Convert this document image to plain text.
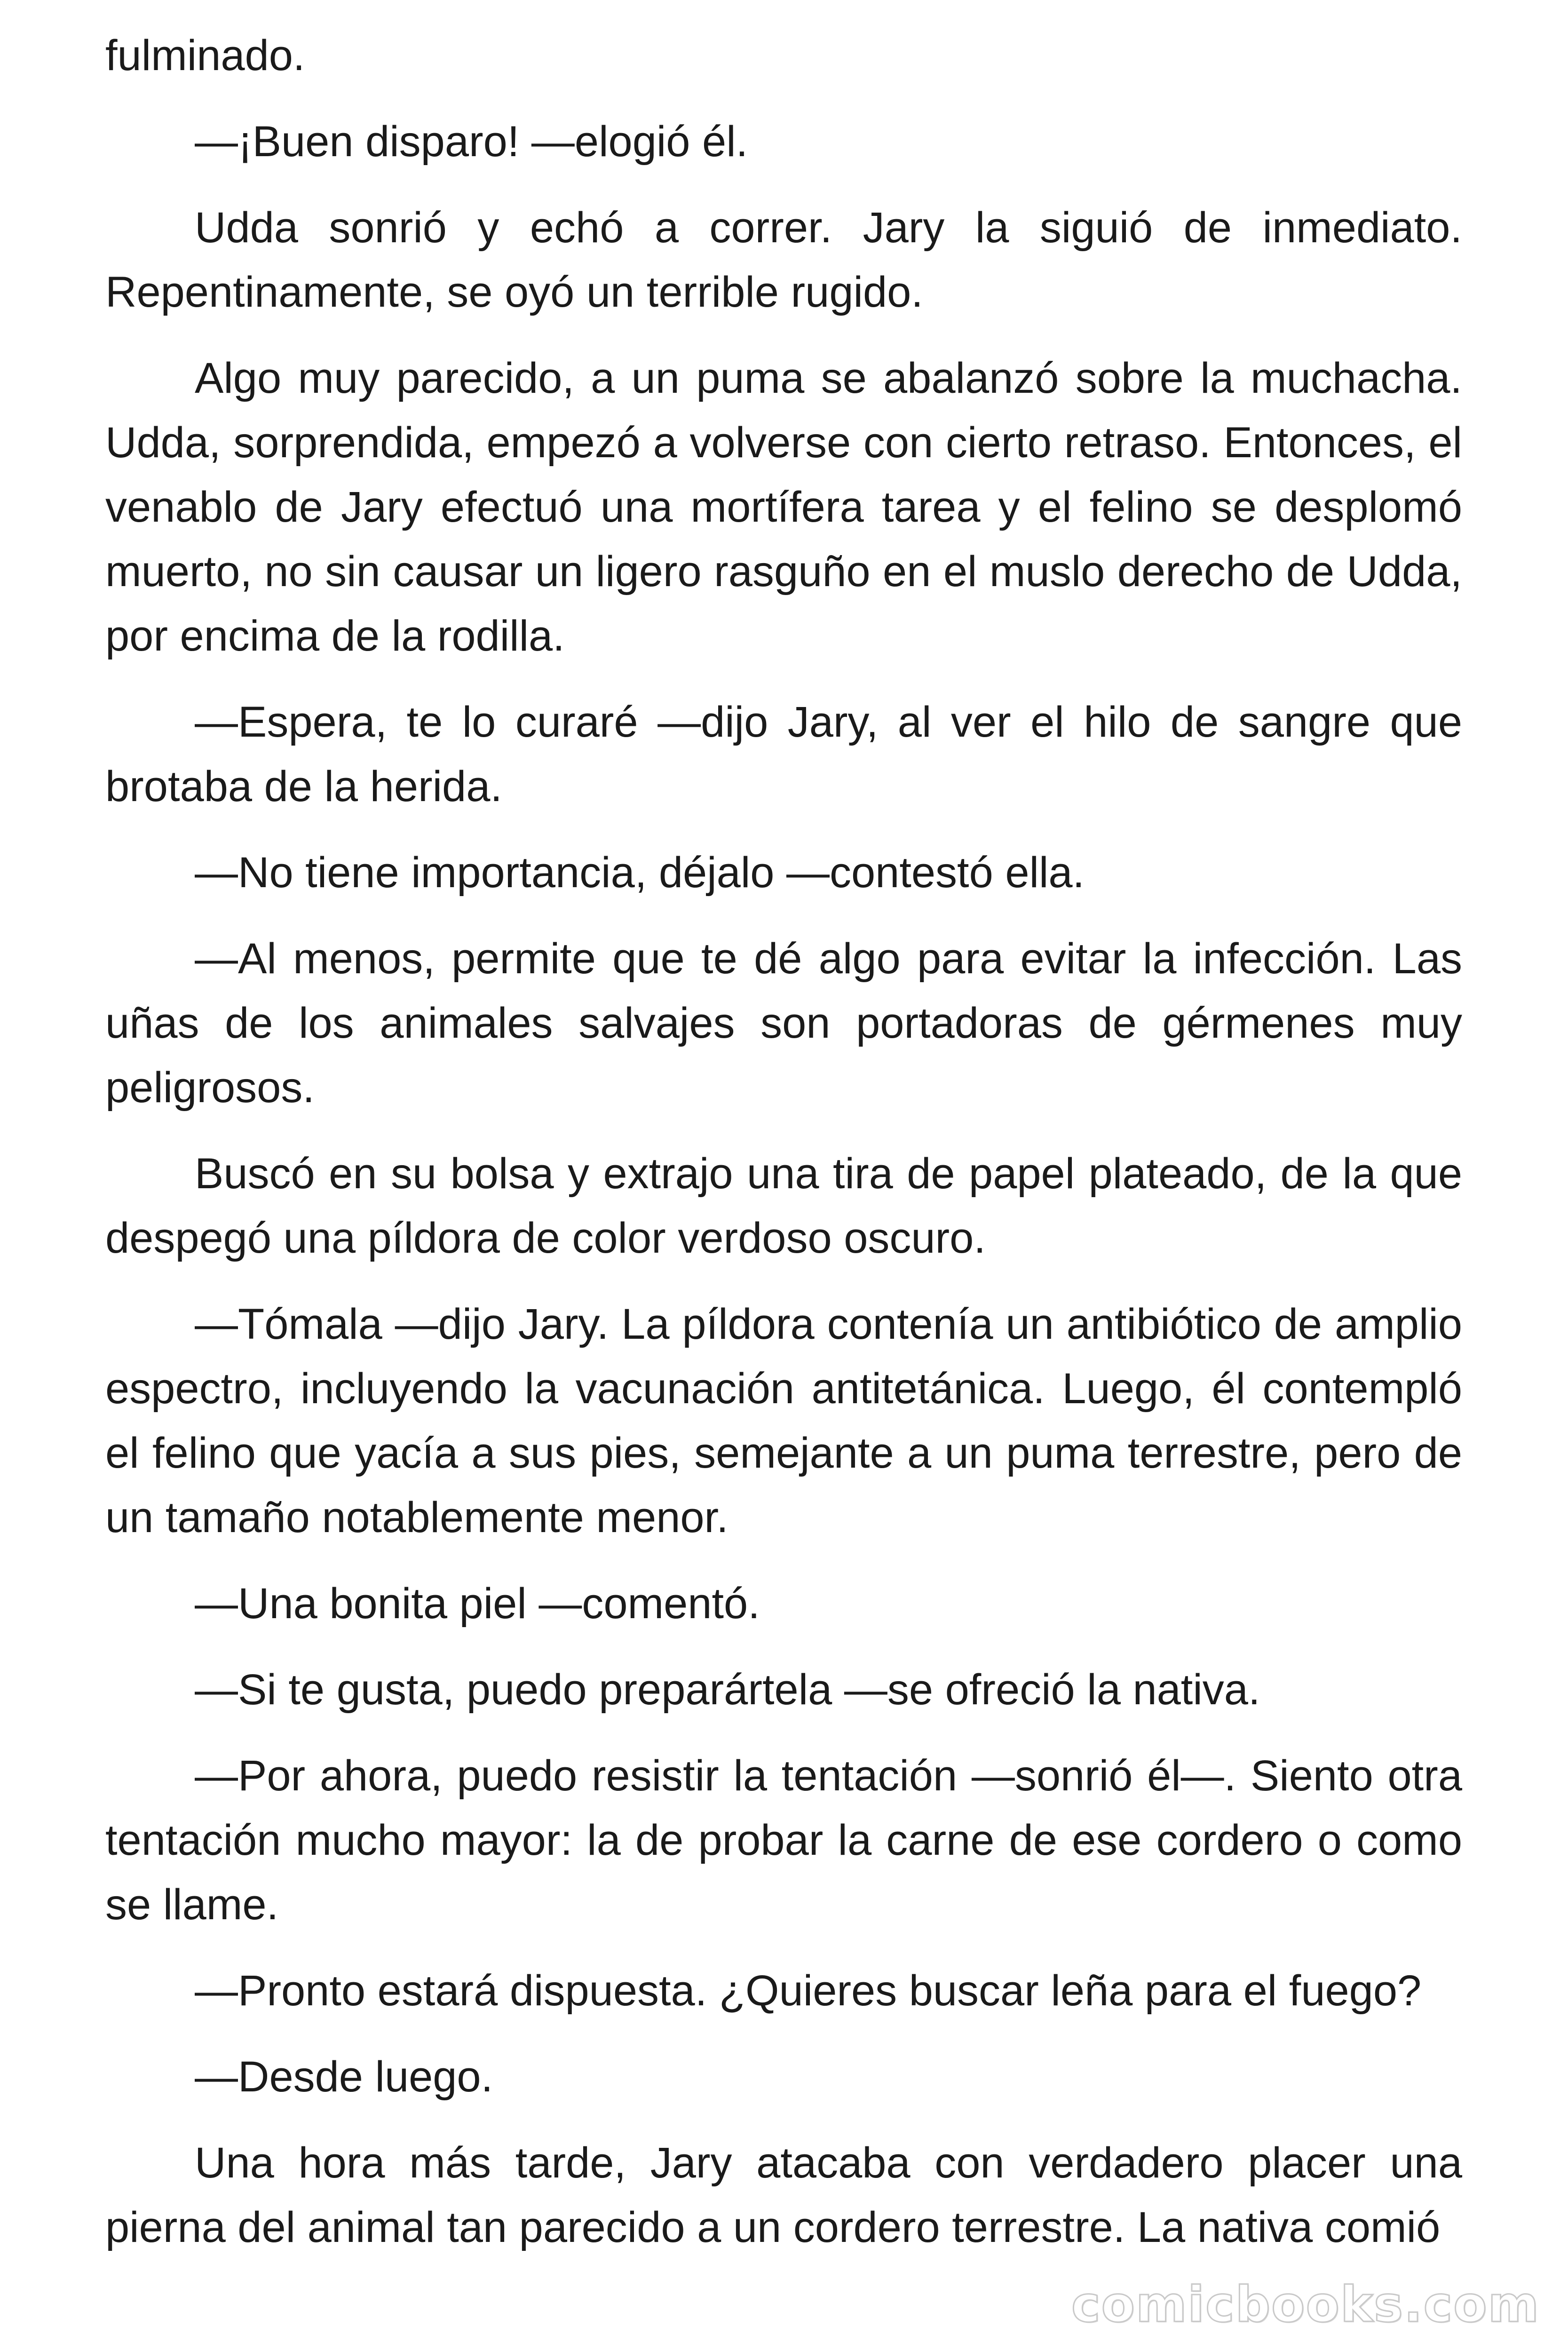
fulminado.

—¡Buen disparo! —elogió él.

Udda sonrió y echó a correr. Jary la siguió de inmediato. Repentinamente, se oyó un terrible rugido.

Algo muy parecido, a un puma se abalanzó sobre la muchacha. Udda, sorprendida, empezó a volverse con cierto retraso. Entonces, el venablo de Jary efectuó una mortífera tarea y el felino se desplomó muerto, no sin causar un ligero rasguño en el muslo derecho de Udda, por encima de la rodilla.

—Espera, te lo curaré —dijo Jary, al ver el hilo de sangre que brotaba de la herida.

—No tiene importancia, déjalo —contestó ella.

—Al menos, permite que te dé algo para evitar la infección. Las uñas de los animales salvajes son portadoras de gérmenes muy peligrosos.

Buscó en su bolsa y extrajo una tira de papel plateado, de la que despegó una píldora de color verdoso oscuro.

—Tómala —dijo Jary. La píldora contenía un antibiótico de amplio espectro, incluyendo la vacunación antitetánica. Luego, él contempló el felino que yacía a sus pies, semejante a un puma terrestre, pero de un tamaño notablemente menor.

—Una bonita piel —comentó.

—Si te gusta, puedo preparártela —se ofreció la nativa.

—Por ahora, puedo resistir la tentación —sonrió él—. Siento otra tentación mucho mayor: la de probar la carne de ese cordero o como se llame.

—Pronto estará dispuesta. ¿Quieres buscar leña para el fuego?

—Desde luego.

Una hora más tarde, Jary atacaba con verdadero placer una pierna del animal tan parecido a un cordero terrestre. La nativa comió

comicbooks.com
